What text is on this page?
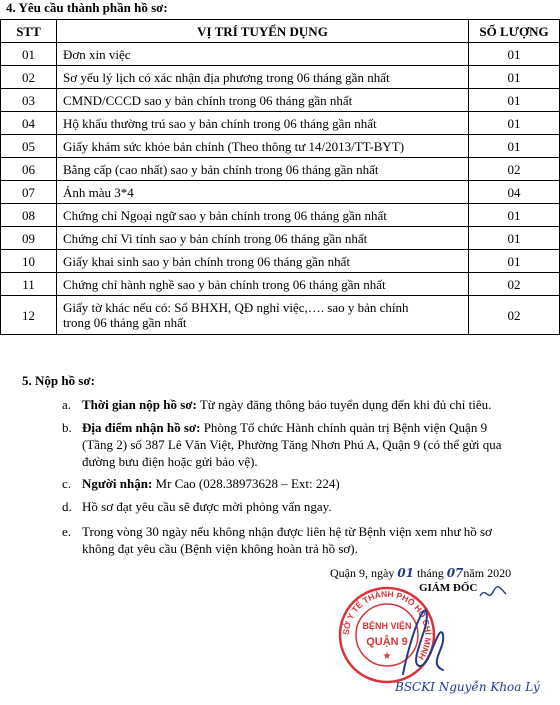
4. Yêu cầu thành phần hồ sơ:
STT	VỊ TRÍ TUYỂN DỤNG	SỐ LƯỢNG
01	Đơn xin việc	01
02	Sơ yếu lý lịch có xác nhận địa phương trong 06 tháng gần nhất	01
03	CMND/CCCD sao y bản chính trong 06 tháng gần nhất	01
04	Hộ khẩu thường trú sao y bản chính trong 06 tháng gần nhất	01
05	Giấy khám sức khỏe bản chính (Theo thông tư 14/2013/TT-BYT)	01
06	Bằng cấp (cao nhất) sao y bản chính trong 06 tháng gần nhất	02
07	Ảnh màu 3*4	04
08	Chứng chỉ Ngoại ngữ sao y bản chính trong 06 tháng gần nhất	01
09	Chứng chỉ Vi tính sao y bản chính trong 06 tháng gần nhất	01
10	Giấy khai sinh sao y bản chính trong 06 tháng gần nhất	01
11	Chứng chỉ hành nghề sao y bản chính trong 06 tháng gần nhất	02
12	Giấy tờ khác nếu có: Sổ BHXH, QĐ nghỉ việc,…. sao y bản chính
trong 06 tháng gần nhất	02
5. Nộp hồ sơ:
a. Thời gian nộp hồ sơ: Từ ngày đăng thông báo tuyển dụng đến khi đủ chỉ tiêu.
b. Địa điểm nhận hồ sơ: Phòng Tổ chức Hành chính quản trị Bệnh viện Quận 9
(Tầng 2) số 387 Lê Văn Việt, Phường Tăng Nhơn Phú A, Quận 9 (có thể gửi qua
đường bưu điện hoặc gửi bảo vệ).
c. Người nhận: Mr Cao (028.38973628 – Ext: 224)
d. Hồ sơ đạt yêu cầu sẽ được mời phỏng vấn ngay.
e. Trong vòng 30 ngày nếu không nhận được liên hệ từ Bệnh viện xem như hồ sơ
không đạt yêu cầu (Bệnh viện không hoàn trả hồ sơ).
Quận 9, ngày 01 tháng 07năm 2020
GIÁM ĐỐC
SỞ Y TẾ THÀNH PHỐ HỒ CHÍ MINH
BỆNH VIỆN
QUẬN 9
★
BSCKI Nguyễn Khoa Lý
